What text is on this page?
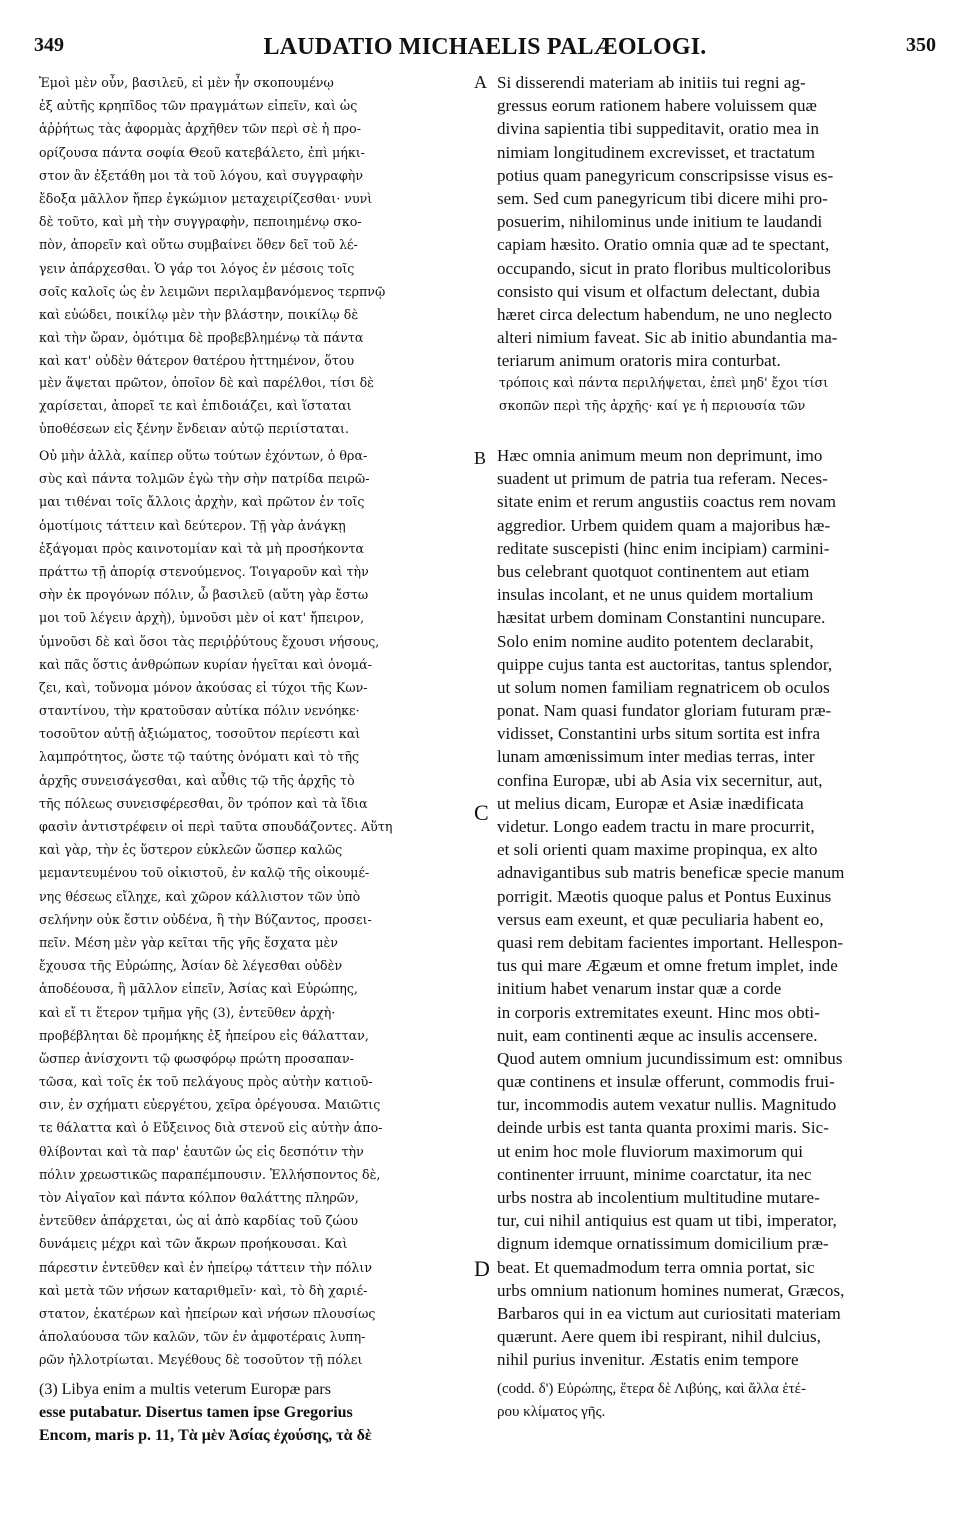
349	LAUDATIO MICHAELIS PALÆOLOGI.	350
A
B
C
D
Ἐμοὶ μὲν οὖν, βασιλεῦ, εἰ μὲν ἦν σκοπουμένῳ
ἐξ αὐτῆς κρηπῖδος τῶν πραγμάτων εἰπεῖν, καὶ ὡς
ἀῤῥήτως τὰς ἀφορμὰς ἀρχῆθεν τῶν περὶ σὲ ἡ προ-
ορίζουσα πάντα σοφία Θεοῦ κατεβάλετο, ἐπὶ μήκι-
στον ἂν ἐξετάθη μοι τὰ τοῦ λόγου, καὶ συγγραφὴν
ἔδοξα μᾶλλον ἤπερ ἐγκώμιον μεταχειρίζεσθαι· νυνὶ
δὲ τοῦτο, καὶ μὴ τὴν συγγραφὴν, πεποιημένῳ σκο-
πὸν, ἀπορεῖν καὶ οὕτω συμβαίνει ὅθεν δεῖ τοῦ λέ-
γειν ἀπάρχεσθαι. Ὁ γάρ τοι λόγος ἐν μέσοις τοῖς
σοῖς καλοῖς ὡς ἐν λειμῶνι περιλαμβανόμενος τερπνῷ
καὶ εὐώδει, ποικίλῳ μὲν τὴν βλάστην, ποικίλῳ δὲ
καὶ τὴν ὥραν, ὁμότιμα δὲ προβεβλημένῳ τὰ πάντα
καὶ κατ' οὐδὲν θάτερον θατέρου ἡττημένον, ὅτου
Si disserendi materiam ab initiis tui regni ag-
gressus eorum rationem habere voluissem quæ
divina sapientia tibi suppeditavit, oratio mea in
nimiam longitudinem excrevisset, et tractatum
potius quam panegyricum conscripsisse visus es-
sem. Sed cum panegyricum tibi dicere mihi pro-
posuerim, nihilominus unde initium te laudandi
capiam hæsito. Oratio omnia quæ ad te spectant,
occupando, sicut in prato floribus multicoloribus
consisto qui visum et olfactum delectant, dubia
hæret circa delectum habendum, ne uno neglecto
alteri nimium faveat. Sic ab initio abundantia ma-
teriarum animum oratoris mira conturbat.
μὲν ἅψεται πρῶτον, ὁποῖον δὲ καὶ παρέλθοι, τίσι δὲ	τρόποις καὶ πάντα περιλήψεται, ἐπεὶ μηδ' ἔχοι τίσι
χαρίσεται, ἀπορεῖ τε καὶ ἐπιδοιάζει, καὶ ἵσταται	σκοπῶν περὶ τῆς ἀρχῆς· καί γε ἡ περιουσία τῶν
ὑποθέσεων εἰς ξένην ἔνδειαν αὐτῷ περιίσταται.
Οὐ μὴν ἀλλὰ, καίπερ οὕτω τούτων ἐχόντων, ὁ θρα-
σὺς καὶ πάντα τολμῶν ἐγὼ τὴν σὴν πατρίδα πειρῶ-
μαι τιθέναι τοῖς ἄλλοις ἀρχὴν, καὶ πρῶτον ἐν τοῖς
ὁμοτίμοις τάττειν καὶ δεύτερον. Τῇ γὰρ ἀνάγκῃ
ἐξάγομαι πρὸς καινοτομίαν καὶ τὰ μὴ προσήκοντα
πράττω τῇ ἀπορίᾳ στενούμενος. Τοιγαροῦν καὶ τὴν
σὴν ἐκ προγόνων πόλιν, ὦ βασιλεῦ (αὕτη γὰρ ἔστω
μοι τοῦ λέγειν ἀρχὴ), ὑμνοῦσι μὲν οἱ κατ' ἤπειρον,
ὑμνοῦσι δὲ καὶ ὅσοι τὰς περιῤῥύτους ἔχουσι νήσους,
καὶ πᾶς ὅστις ἀνθρώπων κυρίαν ἡγεῖται καὶ ὀνομά-
ζει, καὶ, τοὔνομα μόνον ἀκούσας εἰ τύχοι τῆς Κων-
σταντίνου, τὴν κρατοῦσαν αὐτίκα πόλιν νενόηκε·
τοσοῦτον αὐτῇ ἀξιώματος, τοσοῦτον περίεστι καὶ
λαμπρότητος, ὥστε τῷ ταύτης ὀνόματι καὶ τὸ τῆς
ἀρχῆς συνεισάγεσθαι, καὶ αὖθις τῷ τῆς ἀρχῆς τὸ
τῆς πόλεως συνεισφέρεσθαι, ὃν τρόπον καὶ τὰ ἴδια
φασὶν ἀντιστρέφειν οἱ περὶ ταῦτα σπουδάζοντες. Αὕτη
καὶ γὰρ, τὴν ἐς ὕστερον εὐκλεῶν ὥσπερ καλῶς
μεμαντευμένου τοῦ οἰκιστοῦ, ἐν καλῷ τῆς οἰκουμέ-
νης θέσεως εἴληχε, καὶ χῶρον κάλλιστον τῶν ὑπὸ
σελήνην οὐκ ἔστιν οὐδένα, ἢ τὴν Βύζαντος, προσει-
πεῖν. Μέση μὲν γὰρ κεῖται τῆς γῆς ἔσχατα μὲν
ἔχουσα τῆς Εὐρώπης, Ἀσίαν δὲ λέγεσθαι οὐδὲν
ἀποδέουσα, ἢ μᾶλλον εἰπεῖν, Ἀσίας καὶ Εὐρώπης,
καὶ εἴ τι ἕτερον τμῆμα γῆς (3), ἐντεῦθεν ἀρχὴ·
προβέβληται δὲ προμήκης ἐξ ἠπείρου εἰς θάλατταν,
ὥσπερ ἀνίσχοντι τῷ φωσφόρῳ πρώτη προσαπαν-
τῶσα, καὶ τοῖς ἐκ τοῦ πελάγους πρὸς αὐτὴν κατιοῦ-
σιν, ἐν σχήματι εὐεργέτου, χεῖρα ὀρέγουσα. Μαιῶτις
τε θάλαττα καὶ ὁ Εὔξεινος διὰ στενοῦ εἰς αὐτὴν ἀπο-
θλίβονται καὶ τὰ παρ' ἑαυτῶν ὡς εἰς δεσπότιν τὴν
πόλιν χρεωστικῶς παραπέμπουσιν. Ἑλλήσποντος δὲ,
τὸν Αἰγαῖον καὶ πάντα κόλπον θαλάττης πληρῶν,
ἐντεῦθεν ἀπάρχεται, ὡς αἱ ἀπὸ καρδίας τοῦ ζώου
δυνάμεις μέχρι καὶ τῶν ἄκρων προήκουσαι. Καὶ
πάρεστιν ἐντεῦθεν καὶ ἐν ἠπείρῳ τάττειν τὴν πόλιν
καὶ μετὰ τῶν νήσων καταριθμεῖν· καὶ, τὸ δὴ χαριέ-
στατον, ἑκατέρων καὶ ἠπείρων καὶ νήσων πλουσίως
ἀπολαύουσα τῶν καλῶν, τῶν ἐν ἀμφοτέραις λυπη-
ρῶν ἠλλοτρίωται. Μεγέθους δὲ τοσοῦτον τῇ πόλει
Hæc omnia animum meum non deprimunt, imo
suadent ut primum de patria tua referam. Neces-
sitate enim et rerum angustiis coactus rem novam
aggredior. Urbem quidem quam a majoribus hæ-
reditate suscepisti (hinc enim incipiam) carmini-
bus celebrant quotquot continentem aut etiam
insulas incolant, et ne unus quidem mortalium
hæsitat urbem dominam Constantini nuncupare.
Solo enim nomine audito potentem declarabit,
quippe cujus tanta est auctoritas, tantus splendor,
ut solum nomen familiam regnatricem ob oculos
ponat. Nam quasi fundator gloriam futuram præ-
vidisset, Constantini urbs situm sortita est infra
lunam amœnissimum inter medias terras, inter
confina Europæ, ubi ab Asia vix secernitur, aut,
ut melius dicam, Europæ et Asiæ inædificata
videtur. Longo eadem tractu in mare procurrit,
et soli orienti quam maxime propinqua, ex alto
adnavigantibus sub matris beneficæ specie manum
porrigit. Mæotis quoque palus et Pontus Euxinus
versus eam exeunt, et quæ peculiaria habent eo,
quasi rem debitam facientes important. Hellespon-
tus qui mare Ægæum et omne fretum implet, inde
initium habet venarum instar quæ a corde
in corporis extremitates exeunt. Hinc mos obti-
nuit, eam continenti æque ac insulis accensere.
Quod autem omnium jucundissimum est: omnibus
quæ continens et insulæ offerunt, commodis frui-
tur, incommodis autem vexatur nullis. Magnitudo
deinde urbis est tanta quanta proximi maris. Sic-
ut enim hoc mole fluviorum maximorum qui
continenter irruunt, minime coarctatur, ita nec
urbs nostra ab incolentium multitudine mutare-
tur, cui nihil antiquius est quam ut tibi, imperator,
dignum idemque ornatissimum domicilium præ-
beat. Et quemadmodum terra omnia portat, sic
urbs omnium nationum homines numerat, Græcos,
Barbaros qui in ea victum aut curiositati materiam
quærunt. Aere quem ibi respirant, nihil dulcius,
nihil purius invenitur. Æstatis enim tempore
(3) Libya enim a multis veterum Europæ pars
esse putabatur. Disertus tamen ipse Gregorius
Encom, maris p. 11, Τὰ μὲν Ἀσίας ἐχούσης, τὰ δὲ
(codd. δ') Εὐρώπης, ἕτερα δὲ Λιβύης, καὶ ἄλλα ἑτέ-
ρου κλίματος γῆς.
